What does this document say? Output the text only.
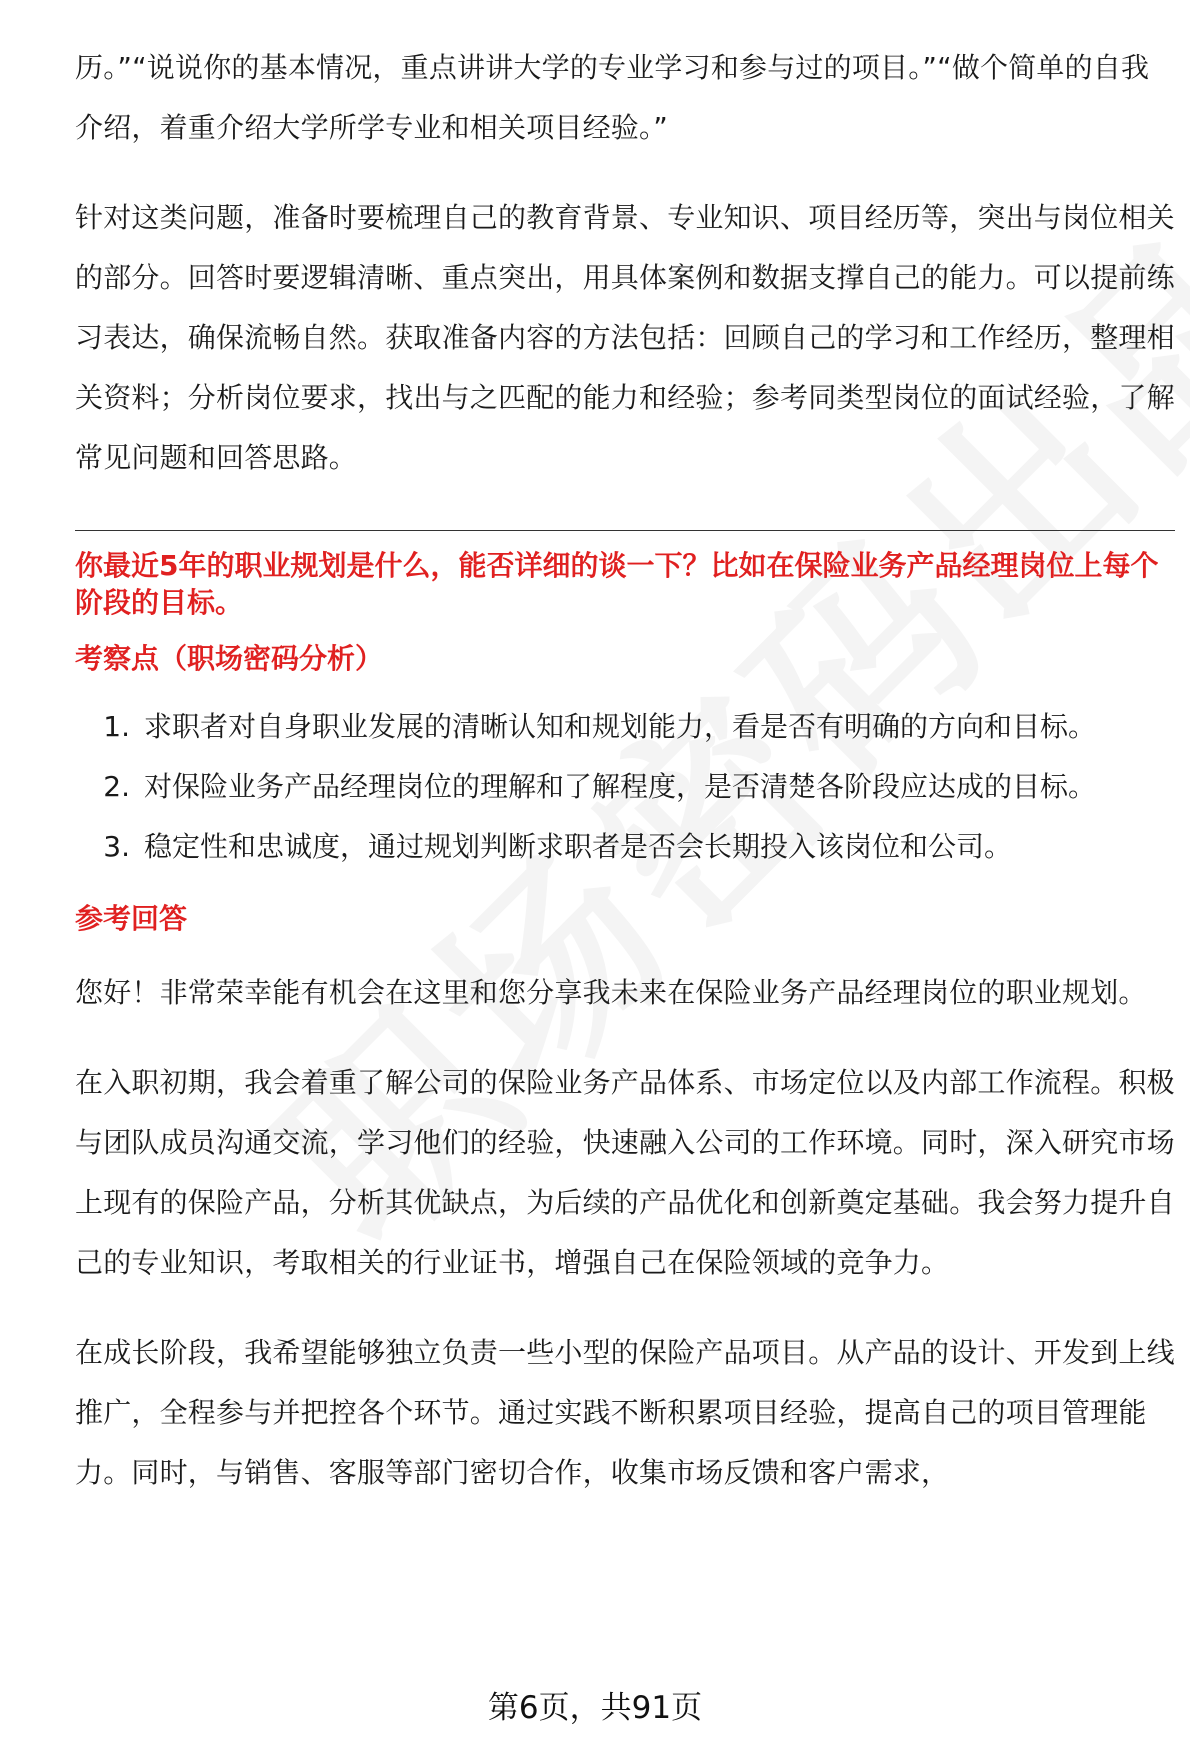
历。”“说说你的基本情况，重点讲讲大学的专业学习和参与过的项目。”“做个简单的自我介绍，着重介绍大学所学专业和相关项目经验。”

针对这类问题，准备时要梳理自己的教育背景、专业知识、项目经历等，突出与岗位相关的部分。回答时要逻辑清晰、重点突出，用具体案例和数据支撑自己的能力。可以提前练习表达，确保流畅自然。获取准备内容的方法包括：回顾自己的学习和工作经历，整理相关资料；分析岗位要求，找出与之匹配的能力和经验；参考同类型岗位的面试经验，了解常见问题和回答思路。

你最近5年的职业规划是什么，能否详细的谈一下？比如在保险业务产品经理岗位上每个阶段的目标。

考察点（职场密码分析）

1. 求职者对自身职业发展的清晰认知和规划能力，看是否有明确的方向和目标。
2. 对保险业务产品经理岗位的理解和了解程度，是否清楚各阶段应达成的目标。
3. 稳定性和忠诚度，通过规划判断求职者是否会长期投入该岗位和公司。

参考回答

您好！非常荣幸能有机会在这里和您分享我未来在保险业务产品经理岗位的职业规划。

在入职初期，我会着重了解公司的保险业务产品体系、市场定位以及内部工作流程。积极与团队成员沟通交流，学习他们的经验，快速融入公司的工作环境。同时，深入研究市场上现有的保险产品，分析其优缺点，为后续的产品优化和创新奠定基础。我会努力提升自己的专业知识，考取相关的行业证书，增强自己在保险领域的竞争力。

在成长阶段，我希望能够独立负责一些小型的保险产品项目。从产品的设计、开发到上线推广，全程参与并把控各个环节。通过实践不断积累项目经验，提高自己的项目管理能力。同时，与销售、客服等部门密切合作，收集市场反馈和客户需求，

第6页，共91页
